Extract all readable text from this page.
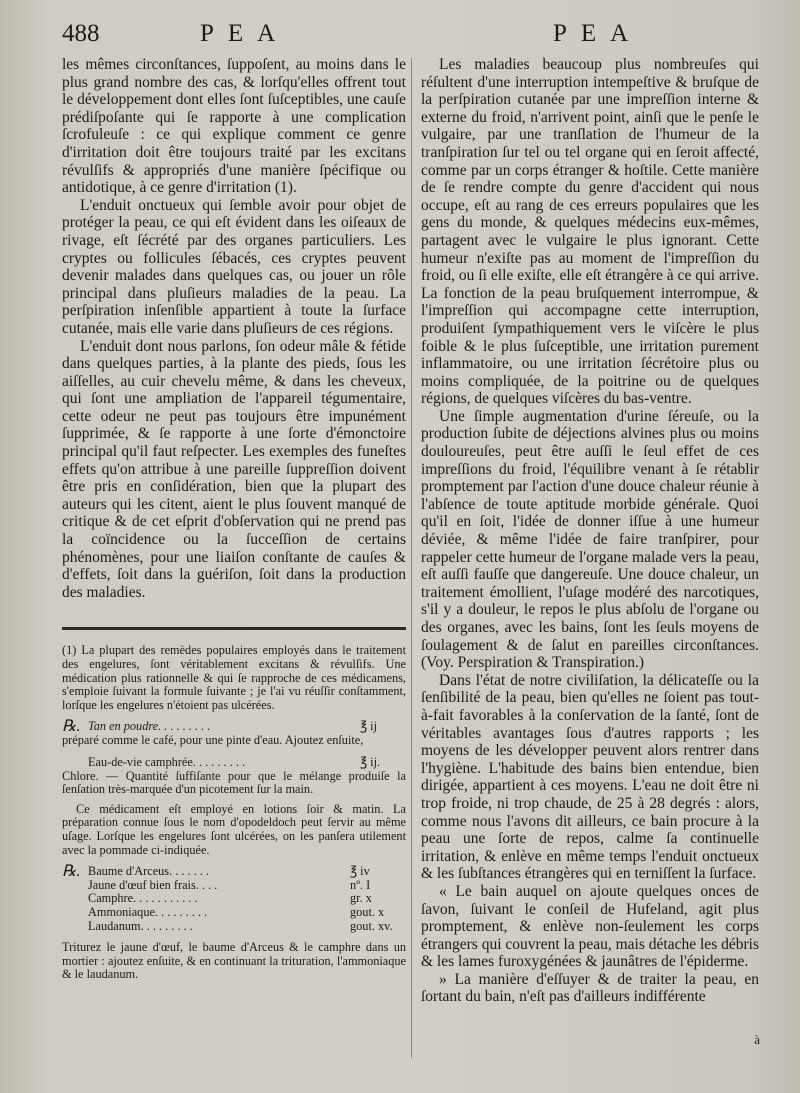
488	PEA	PEA

les mêmes circonſtances, ſuppoſent, au moins dans le plus grand nombre des cas, & lorſqu'elles offrent tout le développement dont elles ſont ſuſceptibles, une cauſe prédiſpoſante qui ſe rapporte à une complication ſcrofuleuſe : ce qui explique comment ce genre d'irritation doit être toujours traité par les excitans révulſifs & appropriés d'une manière ſpécifique ou antidotique, à ce genre d'irritation (1).

L'enduit onctueux qui ſemble avoir pour objet de protéger la peau, ce qui eſt évident dans les oiſeaux de rivage, eſt ſécrété par des organes particuliers. Les cryptes ou follicules ſébacés, ces cryptes peuvent devenir malades dans quelques cas, ou jouer un rôle principal dans pluſieurs maladies de la peau. La perſpiration inſenſible appartient à toute la ſurface cutanée, mais elle varie dans pluſieurs de ces régions.

L'enduit dont nous parlons, ſon odeur mâle & fétide dans quelques parties, à la plante des pieds, ſous les aiſſelles, au cuir chevelu même, & dans les cheveux, qui ſont une ampliation de l'appareil tégumentaire, cette odeur ne peut pas toujours être impunément ſupprimée, & ſe rapporte à une ſorte d'émonctoire principal qu'il faut reſpecter. Les exemples des funeſtes effets qu'on attribue à une pareille ſuppreſſion doivent être pris en conſidération, bien que la plupart des auteurs qui les citent, aient le plus ſouvent manqué de critique & de cet eſprit d'obſervation qui ne prend pas la coïncidence ou la ſucceſſion de certains phénomènes, pour une liaiſon conſtante de cauſes & d'effets, ſoit dans la guériſon, ſoit dans la production des maladies.

(1) La plupart des remèdes populaires employés dans le traitement des engelures, ſont véritablement excitans & révulſifs. Une médication plus rationnelle & qui ſe rapproche de ces médicamens, s'emploie ſuivant la formule ſuivante ; je l'ai vu réuſſir conſtamment, lorſque les engelures n'étoient pas ulcérées.

℞. Tan en poudre. . . . . . . . .	℥ ij

préparé comme le café, pour une pinte d'eau. Ajoutez enſuite,

Eau-de-vie camphrée. . . . . . . . .	℥ ij.

Chlore. — Quantité ſuffiſante pour que le mélange produiſe la ſenſation très-marquée d'un picotement ſur la main.

Ce médicament eſt employé en lotions ſoir & matin. La préparation connue ſous le nom d'opodeldoch peut ſervir au même uſage. Lorſque les engelures ſont ulcérées, on les panſera utilement avec la pommade ci-indiquée.

℞. Baume d'Arceus. . . . . . .	℥ iv
Jaune d'œuf bien frais. . . .	nº. I
Camphre. . . . . . . . . . .	gr. x
Ammoniaque. . . . . . . . .	gout. x
Laudanum. . . . . . . . .	gout. xv.

Triturez le jaune d'œuf, le baume d'Arceus & le camphre dans un mortier : ajoutez enſuite, & en continuant la trituration, l'ammoniaque & le laudanum.

Les maladies beaucoup plus nombreuſes qui réſultent d'une interruption intempeſtive & bruſque de la perſpiration cutanée par une impreſſion interne & externe du froid, n'arrivent point, ainſi que le penſe le vulgaire, par une tranſlation de l'humeur de la tranſpiration ſur tel ou tel organe qui en ſeroit affecté, comme par un corps étranger & hoſtile. Cette manière de ſe rendre compte du genre d'accident qui nous occupe, eſt au rang de ces erreurs populaires que les gens du monde, & quelques médecins eux-mêmes, partagent avec le vulgaire le plus ignorant. Cette humeur n'exiſte pas au moment de l'impreſſion du froid, ou ſi elle exiſte, elle eſt étrangère à ce qui arrive. La fonction de la peau bruſquement interrompue, & l'impreſſion qui accompagne cette interruption, produiſent ſympathiquement vers le viſcère le plus foible & le plus ſuſceptible, une irritation purement inflammatoire, ou une irritation ſécrétoire plus ou moins compliquée, de la poitrine ou de quelques régions, de quelques viſcères du bas-ventre.

Une ſimple augmentation d'urine ſéreuſe, ou la production ſubite de déjections alvines plus ou moins douloureuſes, peut être auſſi le ſeul effet de ces impreſſions du froid, l'équilibre venant à ſe rétablir promptement par l'action d'une douce chaleur réunie à l'abſence de toute aptitude morbide générale. Quoi qu'il en ſoit, l'idée de donner iſſue à une humeur déviée, & même l'idée de faire tranſpirer, pour rappeler cette humeur de l'organe malade vers la peau, eſt auſſi fauſſe que dangereuſe. Une douce chaleur, un traitement émollient, l'uſage modéré des narcotiques, s'il y a douleur, le repos le plus abſolu de l'organe ou des organes, avec les bains, ſont les ſeuls moyens de ſoulagement & de ſalut en pareilles circonſtances. (Voy. Perspiration & Transpiration.)

Dans l'état de notre civiliſation, la délicateſſe ou la ſenſibilité de la peau, bien qu'elles ne ſoient pas tout-à-fait favorables à la conſervation de la ſanté, ſont de véritables avantages ſous d'autres rapports ; les moyens de les développer peuvent alors rentrer dans l'hygiène. L'habitude des bains bien entendue, bien dirigée, appartient à ces moyens. L'eau ne doit être ni trop froide, ni trop chaude, de 25 à 28 degrés : alors, comme nous l'avons dit ailleurs, ce bain procure à la peau une ſorte de repos, calme ſa continuelle irritation, & enlève en même temps l'enduit onctueux & les ſubſtances étrangères qui en terniſſent la ſurface.

« Le bain auquel on ajoute quelques onces de ſavon, ſuivant le conſeil de Hufeland, agit plus promptement, & enlève non-ſeulement les corps étrangers qui couvrent la peau, mais détache les débris & les lames furoxygénées & jaunâtres de l'épiderme.

» La manière d'eſſuyer & de traiter la peau, en ſortant du bain, n'eſt pas d'ailleurs indifférente

à
